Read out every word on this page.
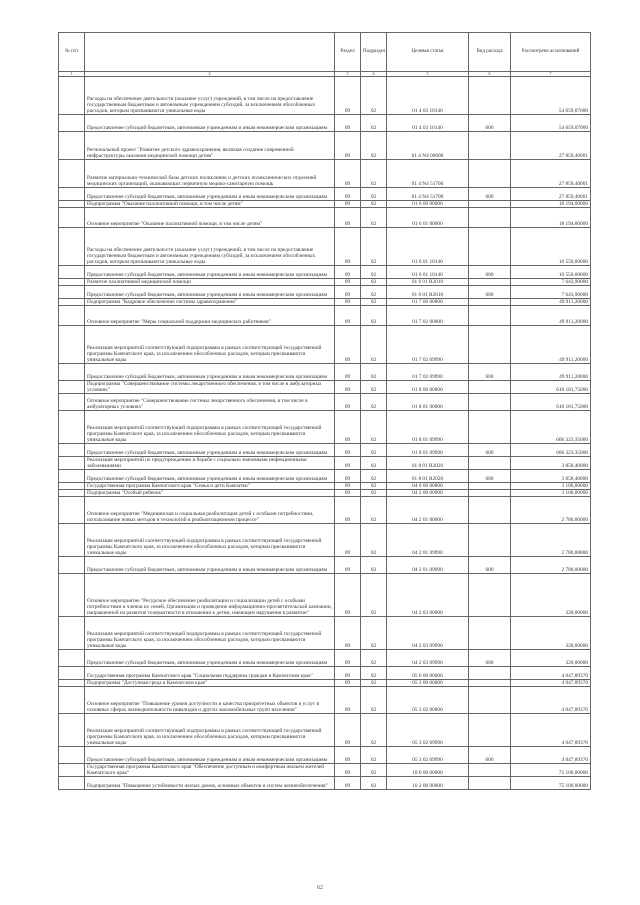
№ п/п		Раздел	Подраздел	Целевая статья	Вид расхода	Рассмотрено ассигнований
1	2	3	4	5	6	7
	Расходы на обеспечение деятельности (оказание услуг) учреждений, в том числе на предоставление государственным бюджетным и автономным учреждениям субсидий, за исключением обособленных расходов, которым присваиваются уникальные коды	09	02	01 4 03 10140		54 659,07000
	Предоставление субсидий бюджетным, автономным учреждениям и иным некоммерческим организациям	09	02	01 4 03 10140	600	54 659,07000
	Региональный проект "Развитие детского здравоохранения, включая создание современной инфраструктуры оказания медицинской помощи детям"	09	02	01 4 N4 00000		27 859,40001
	Развитие материально-технической базы детских поликлиник и детских поликлинических отделений медицинских организаций, оказывающих первичную медико-санитарную помощь	09	02	01 4 N4 51700		27 859,40001
	Предоставление субсидий бюджетным, автономным учреждениям и иным некоммерческим организациям	09	02	01 4 N4 51700	600	27 859,40001
	Подпрограмма "Оказание паллиативной помощи, в том числе детям"	09	02	01 6 00 00000		18 194,00000
	Основное мероприятие "Оказание паллиативной помощи, в том числе детям"	09	02	01 6 01 00000		18 194,00000
	Расходы на обеспечение деятельности (оказание услуг) учреждений, в том числе на предоставление государственным бюджетным и автономным учреждениям субсидий, за исключением обособленных расходов, которым присваиваются уникальные коды	09	02	01 6 01 10140		10 550,00000
	Предоставление субсидий бюджетным, автономным учреждениям и иным некоммерческим организациям	09	02	01 6 01 10140	600	10 550,00000
	Развитие паллиативной медицинской помощи	09	02	01 6 01 R2010		7 643,90000
	Предоставление субсидий бюджетным, автономным учреждениям и иным некоммерческим организациям	09	02	01 6 01 R2010	600	7 643,90000
	Подпрограмма "Кадровое обеспечение системы здравоохранения"	09	02	01 7 00 00000		49 911,20000
	Основное мероприятие "Меры социальной поддержки медицинских работников"	09	02	01 7 02 00000		49 911,20000
	Реализация мероприятий соответствующей подпрограммы в рамках соответствующей государственной программы Камчатского края, за исключением обособленных расходов, которым присваиваются уникальные коды	09	02	01 7 02 09990		49 911,20000
	Предоставление субсидий бюджетным, автономным учреждениям и иным некоммерческим организациям	09	02	01 7 02 09990	600	49 911,20000
	Подпрограмма "Совершенствование системы лекарственного обеспечения, в том числе в амбулаторных условиях"	09	02	01 8 00 00000		610 181,75000
	Основное мероприятие "Совершенствование системы лекарственного обеспечения, в том числе в амбулаторных условиях"	09	02	01 8 01 00000		610 181,75000
	Реализация мероприятий соответствующей подпрограммы в рамках соответствующей государственной программы Камчатского края, за исключением обособленных расходов, которым присваиваются уникальные коды	09	02	01 8 01 09990		606 323,35000
	Предоставление субсидий бюджетным, автономным учреждениям и иным некоммерческим организациям	09	02	01 8 01 09990	600	606 323,35000
	Реализация мероприятий по предупреждению и борьбе с социально значимыми инфекционными заболеваниями	09	02	01 8 01 R2020		3 858,40000
	Предоставление субсидий бюджетным, автономным учреждениям и иным некоммерческим организациям	09	02	01 8 01 R2020	600	3 858,40000
	Государственная программа Камчатского края "Семья и дети Камчатки"	09	02	04 0 00 00000		3 100,00000
	Подпрограмма "Особый ребенок"	09	02	04 2 00 00000		3 100,00000
	Основное мероприятие "Медицинская и социальная реабилитация детей с особыми потребностями, использование новых методов и технологий в реабилитационном процессе"	09	02	04 2 01 00000		2 780,00000
	Реализация мероприятий соответствующей подпрограммы в рамках соответствующей государственной программы Камчатского края, за исключением обособленных расходов, которым присваиваются уникальные коды	09	02	04 2 01 09990		2 780,00000
	Предоставление субсидий бюджетным, автономным учреждениям и иным некоммерческим организациям	09	02	04 2 01 09990	600	2 780,00000
	Основное мероприятие "Ресурсное обеспечение реабилитации и социализации детей с особыми потребностями и членов их семей. Организация и проведение информационно-просветительской кампании, направленной на развитие толерантности в отношении к детям, имеющим нарушения в развитии"	09	02	04 2 03 00000		320,00000
	Реализация мероприятий соответствующей подпрограммы в рамках соответствующей государственной программы Камчатского края, за исключением обособленных расходов, которым присваиваются уникальные коды	09	02	04 2 03 09990		320,00000
	Предоставление субсидий бюджетным, автономным учреждениям и иным некоммерческим организациям	09	02	04 2 03 09990	600	320,00000
	Государственная программа Камчатского края "Социальная поддержка граждан в Камчатском крае"	09	02	05 0 00 00000		4 047,89370
	Подпрограмма "Доступная среда в Камчатском крае"	09	02	05 3 00 00000		4 047,89370
	Основное мероприятие "Повышение уровня доступности и качества приоритетных объектов и услуг в основных сферах жизнедеятельности инвалидов и других маломобильных групп населения"	09	02	05 3 02 00000		4 047,89370
	Реализация мероприятий соответствующей подпрограммы в рамках соответствующей государственной программы Камчатского края, за исключением обособленных расходов, которым присваиваются уникальные коды	09	02	05 3 02 09990		4 047,89370
	Предоставление субсидий бюджетным, автономным учреждениям и иным некоммерческим организациям	09	02	05 3 02 09990	600	4 047,89370
	Государственная программа Камчатского края "Обеспечение доступным и комфортным жильем жителей Камчатского края"	09	02	10 0 00 00000		75 100,00000
	Подпрограмма "Повышение устойчивости жилых домов, основных объектов и систем жизнеобеспечения"	09	02	10 2 00 00000		75 100,00000
62
